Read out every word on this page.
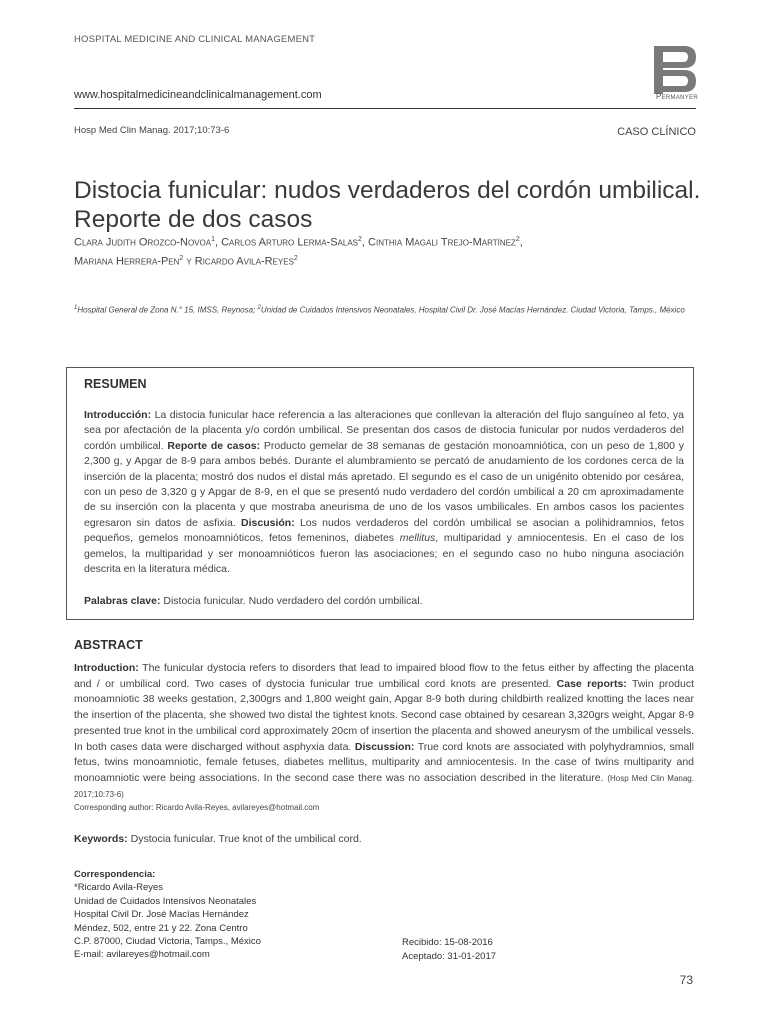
HOSPITAL MEDICINE AND CLINICAL MANAGEMENT
Permanyer
www.hospitalmedicineandclinicalmanagement.com
Hosp Med Clin Manag. 2017;10:73-6	CASO CLÍNICO
Distocia funicular: nudos verdaderos del cordón umbilical. Reporte de dos casos
Clara Judith Orozco-Novoa$^1$, Carlos Arturo Lerma-Salas$^2$, Cinthia Magali Trejo-Martínez$^2$,
Mariana Herrera-Pen$^2$ y Ricardo Avila-Reyes$^2$
$^1$Hospital General de Zona N.° 15, IMSS, Reynosa; $^2$Unidad de Cuidados Intensivos Neonatales, Hospital Civil Dr. José Macías Hernández. Ciudad Victoria, Tamps., México
RESUMEN

Introducción: La distocia funicular hace referencia a las alteraciones que conllevan la alteración del flujo sanguíneo al feto, ya sea por afectación de la placenta y/o cordón umbilical. Se presentan dos casos de distocia funicular por nudos verdaderos del cordón umbilical. Reporte de casos: Producto gemelar de 38 semanas de gestación monoamniótica, con un peso de 1,800 y 2,300 g, y Apgar de 8-9 para ambos bebés. Durante el alumbramiento se percató de anudamiento de los cordones cerca de la inserción de la placenta; mostró dos nudos el distal más apretado. El segundo es el caso de un unigénito obtenido por cesárea, con un peso de 3,320 g y Apgar de 8-9, en el que se presentó nudo verdadero del cordón umbilical a 20 cm aproximadamente de su inserción con la placenta y que mostraba aneurisma de uno de los vasos umbilicales. En ambos casos los pacientes egresaron sin datos de asfixia. Discusión: Los nudos verdaderos del cordón umbilical se asocian a polihidramnios, fetos pequeños, gemelos monoamnióticos, fetos femeninos, diabetes mellitus, multiparidad y amniocentesis. En el caso de los gemelos, la multiparidad y ser monoamnióticos fueron las asociaciones; en el segundo caso no hubo ninguna asociación descrita en la literatura médica.

Palabras clave: Distocia funicular. Nudo verdadero del cordón umbilical.
ABSTRACT

Introduction: The funicular dystocia refers to disorders that lead to impaired blood flow to the fetus either by affecting the placenta and / or umbilical cord. Two cases of dystocia funicular true umbilical cord knots are presented. Case reports: Twin product monoamniotic 38 weeks gestation, 2,300grs and 1,800 weight gain, Apgar 8-9 both during childbirth realized knotting the laces near the insertion of the placenta, she showed two distal the tightest knots. Second case obtained by cesarean 3,320grs weight, Apgar 8-9 presented true knot in the umbilical cord approximately 20cm of insertion the placenta and showed aneurysm of the umbilical vessels. In both cases data were discharged without asphyxia data. Discussion: True cord knots are associated with polyhydramnios, small fetus, twins monoamniotic, female fetuses, diabetes mellitus, multiparity and amniocentesis. In the case of twins multiparity and monoamniotic were being associations. In the second case there was no association described in the literature. (Hosp Med Clin Manag. 2017;10:73-6)

Corresponding author: Ricardo Avila-Reyes, avilareyes@hotmail.com
Keywords: Dystocia funicular. True knot of the umbilical cord.
Correspondencia:
*Ricardo Avila-Reyes
Unidad de Cuidados Intensivos Neonatales
Hospital Civil Dr. José Macías Hernández
Méndez, 502, entre 21 y 22. Zona Centro
C.P. 87000, Ciudad Victoria, Tamps., México
E-mail: avilareyes@hotmail.com
Recibido: 15-08-2016
Aceptado: 31-01-2017
73
